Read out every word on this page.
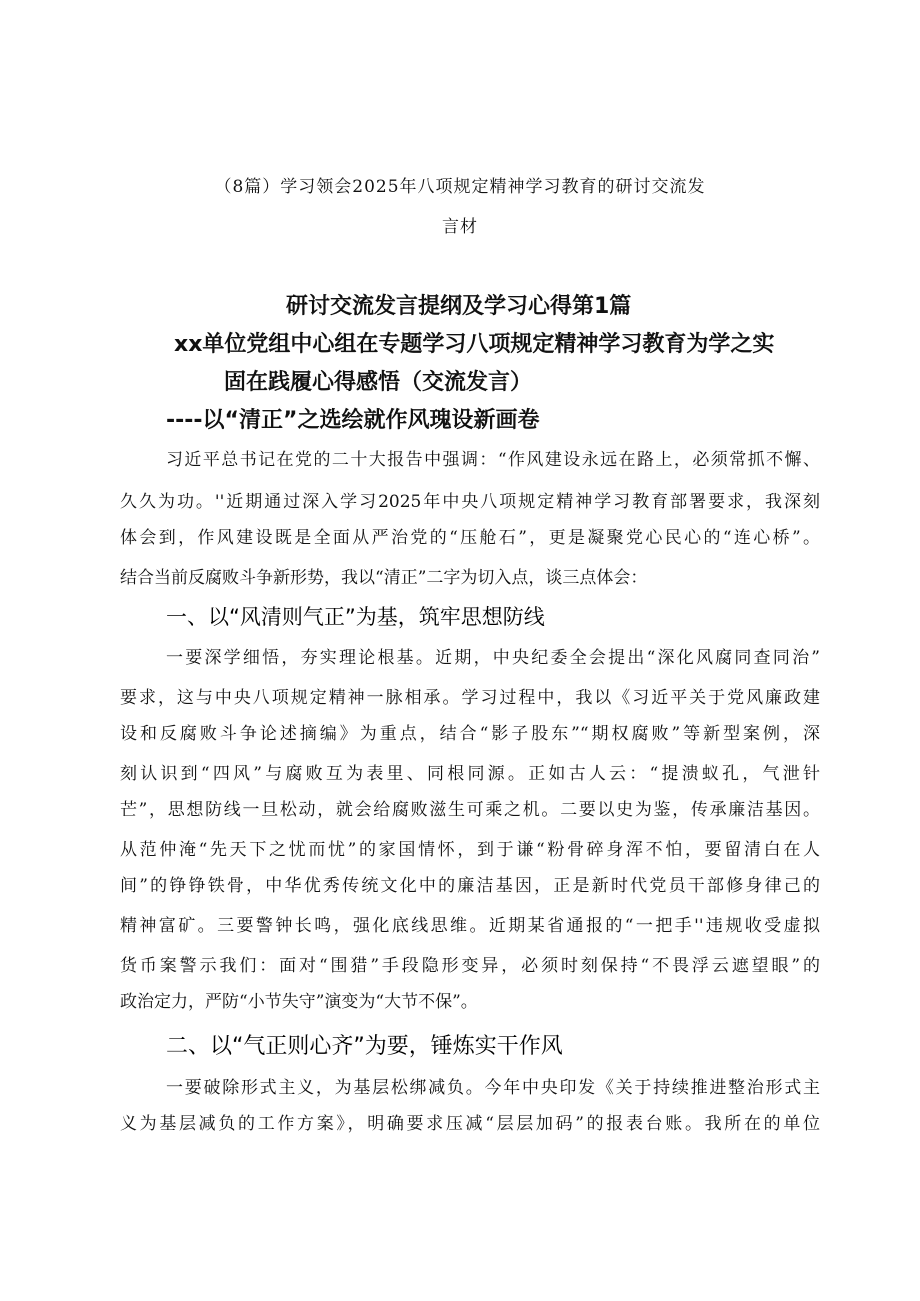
（8篇）学习领会2025年八项规定精神学习教育的研讨交流发
言材
研讨交流发言提纲及学习心得第1篇
xx单位党组中心组在专题学习八项规定精神学习教育为学之实
固在践履心得感悟（交流发言）
----以“清正”之选绘就作风瑰设新画卷
习近平总书记在党的二十大报告中强调：“作风建设永远在路上，必须常抓不懈、
久久为功。''近期通过深入学习2025年中央八项规定精神学习教育部署要求，我深刻
体会到，作风建设既是全面从严治党的“压舱石”，更是凝聚党心民心的“连心桥”。
结合当前反腐败斗争新形势，我以“清正”二字为切入点，谈三点体会：
一、以“风清则气正”为基，筑牢思想防线
一要深学细悟，夯实理论根基。近期，中央纪委全会提出“深化风腐同查同治”
要求，这与中央八项规定精神一脉相承。学习过程中，我以《习近平关于党风廉政建
设和反腐败斗争论述摘编》为重点，结合“影子股东”“期权腐败”等新型案例，深
刻认识到“四风”与腐败互为表里、同根同源。正如古人云：“提溃蚁孔，气泄针
芒”，思想防线一旦松动，就会给腐败滋生可乘之机。二要以史为鉴，传承廉洁基因。
从范仲淹“先天下之忧而忧”的家国情怀，到于谦“粉骨碎身浑不怕，要留清白在人
间”的铮铮铁骨，中华优秀传统文化中的廉洁基因，正是新时代党员干部修身律己的
精神富矿。三要警钟长鸣，强化底线思维。近期某省通报的“一把手''违规收受虚拟
货币案警示我们：面对“围猎”手段隐形变异，必须时刻保持“不畏浮云遮望眼”的
政治定力，严防“小节失守”演变为“大节不保”。
二、以“气正则心齐”为要，锤炼实干作风
一要破除形式主义，为基层松绑减负。今年中央印发《关于持续推进整治形式主
义为基层减负的工作方案》，明确要求压减“层层加码”的报表台账。我所在的单位
